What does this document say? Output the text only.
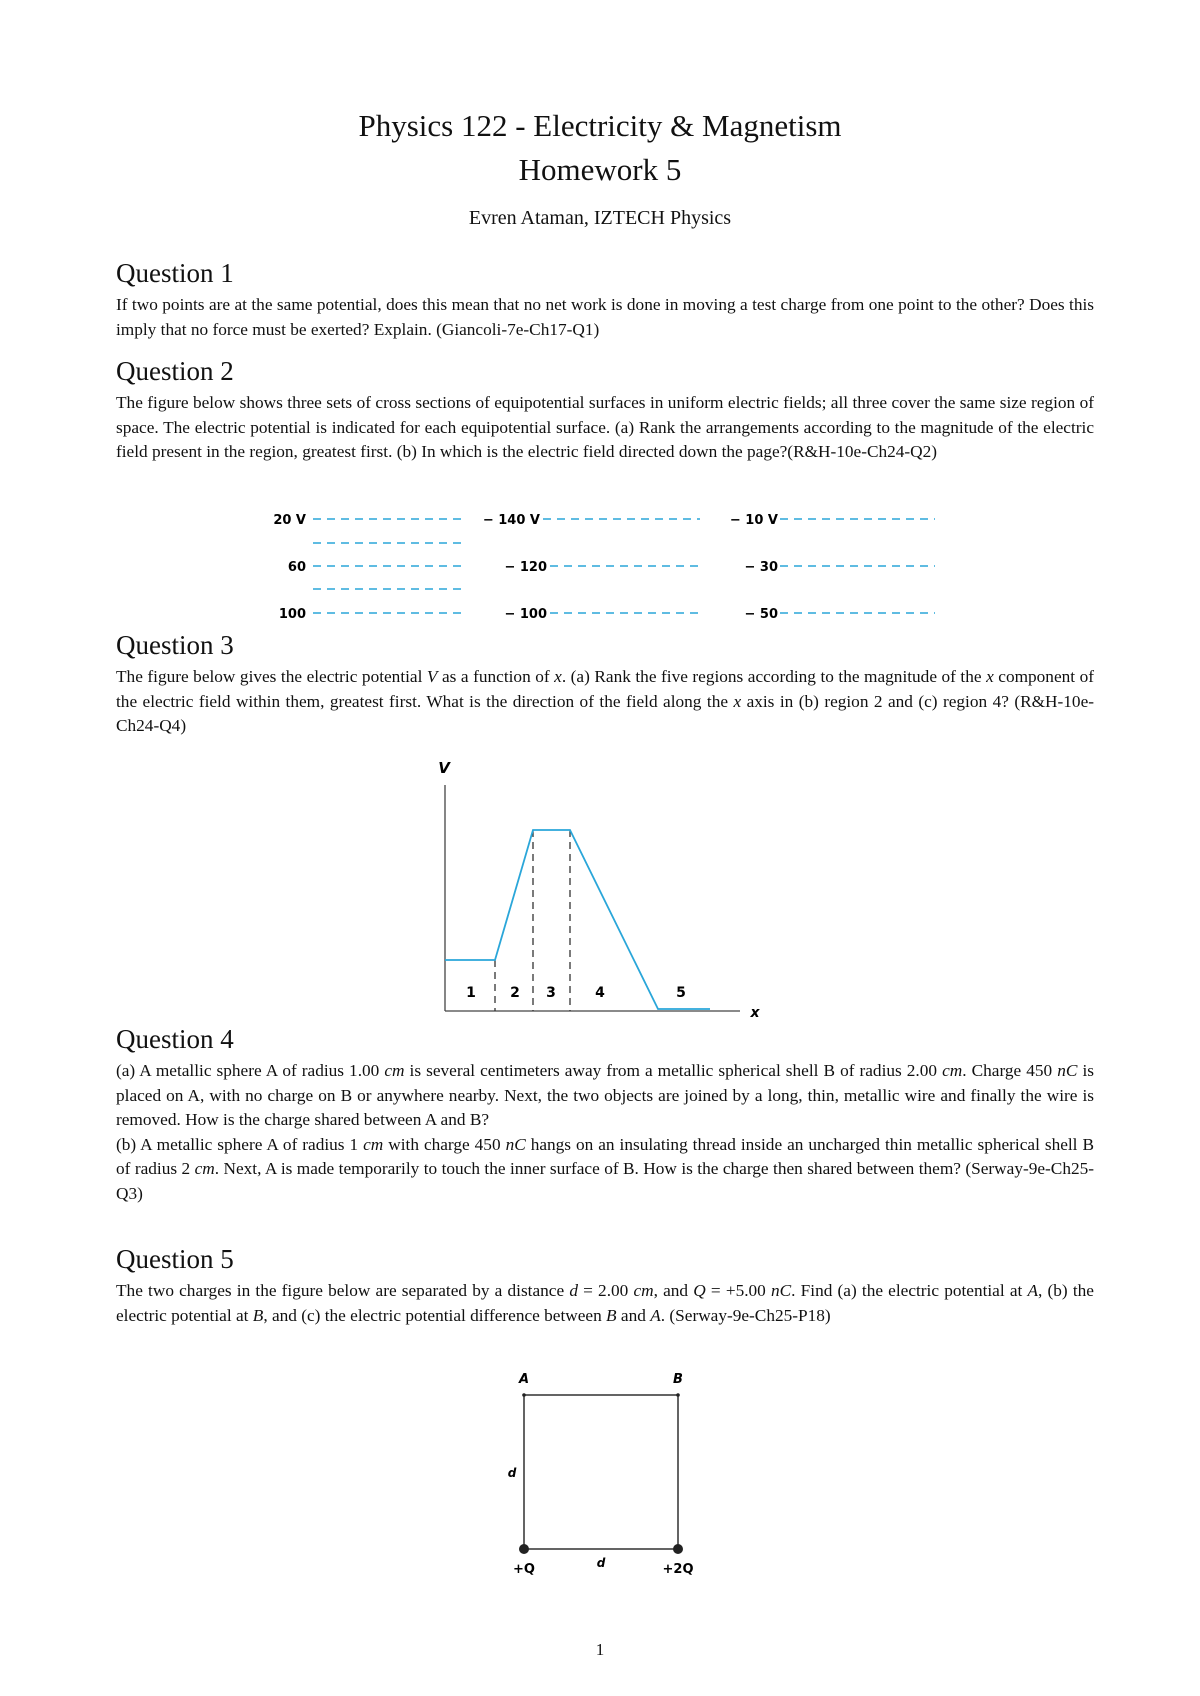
Physics 122 - Electricity & Magnetism
Homework 5
Evren Ataman, IZTECH Physics
Question 1
If two points are at the same potential, does this mean that no net work is done in moving a test charge from one point to the other? Does this imply that no force must be exerted? Explain. (Giancoli-7e-Ch17-Q1)
Question 2
The figure below shows three sets of cross sections of equipotential surfaces in uniform electric fields; all three cover the same size region of space. The electric potential is indicated for each equipotential surface. (a) Rank the arrangements according to the magnitude of the electric field present in the region, greatest first. (b) In which is the electric field directed down the page?(R&H-10e-Ch24-Q2)
20 V
60
100
− 140 V
− 120
− 100
− 10 V
− 30
− 50
Question 3
The figure below gives the electric potential V as a function of x. (a) Rank the five regions according to the magnitude of the x component of the electric field within them, greatest first. What is the direction of the field along the x axis in (b) region 2 and (c) region 4? (R&H-10e-Ch24-Q4)
V
x
1 2 3	4	5
Question 4

(a) A metallic sphere A of radius 1.00 cm is several centimeters away from a metallic spherical shell B of radius 2.00 cm. Charge 450 nC is placed on A, with no charge on B or anywhere nearby. Next, the two objects are joined by a long, thin, metallic wire and finally the wire is removed. How is the charge shared between A and B?

(b) A metallic sphere A of radius 1 cm with charge 450 nC hangs on an insulating thread inside an uncharged thin metallic spherical shell B of radius 2 cm. Next, A is made temporarily to touch the inner surface of B. How is the charge then shared between them? (Serway-9e-Ch25-Q3)

Question 5
The two charges in the figure below are separated by a distance d = 2.00 cm, and Q = +5.00 nC. Find (a) the electric potential at A, (b) the electric potential at B, and (c) the electric potential difference between B and A. (Serway-9e-Ch25-P18)
A	B
d
d
+Q	+2Q
1
